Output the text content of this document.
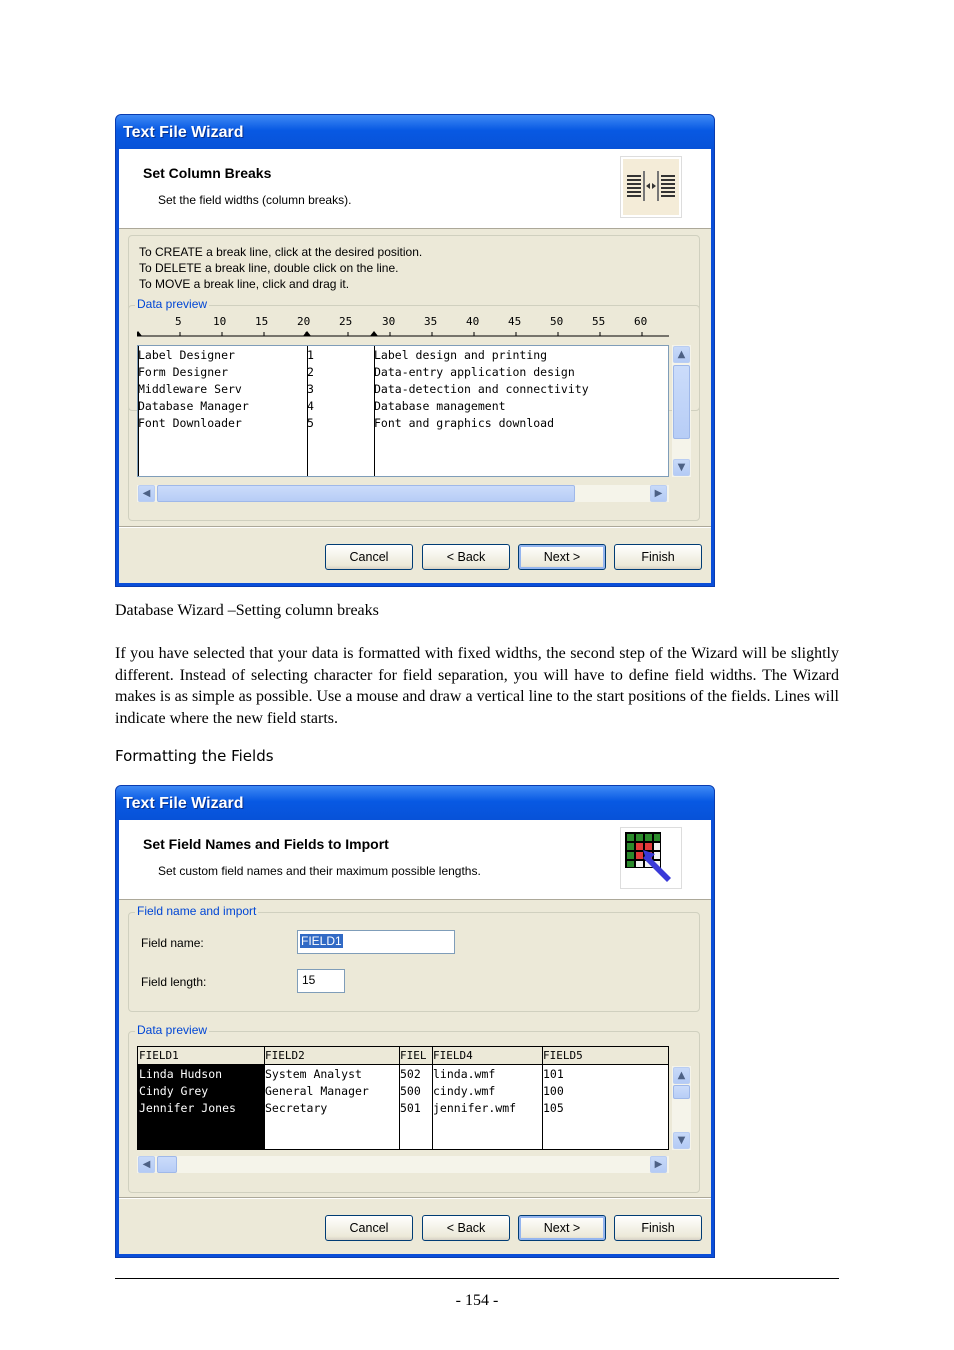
Text File Wizard
Set Column Breaks
Set the field widths (column breaks).
To CREATE a break line, click at the desired position.
To DELETE a break line, double click on the line.
To MOVE a break line, click and drag it.
Data preview
5	10	15	20	25	30	35	40	45	50	55	60
Label Designer	1	Label design and printing
Form Designer	2	Data-entry application design
Middleware Serv	3	Data-detection and connectivity
Database Manager	4	Database management
Font Downloader	5	Font and graphics download
▲
▼
◀	▶
Cancel	< Back	Next >	Finish
Database Wizard –Setting column breaks

If you have selected that your data is formatted with fixed widths, the second step of the Wizard will be slightly different. Instead of selecting character for field separation, you will have to define field widths. The Wizard makes is as simple as possible. Use a mouse and draw a vertical line to the start positions of the fields. Lines will indicate where the new field starts.

Formatting the Fields
Text File Wizard
Set Field Names and Fields to Import
Set custom field names and their maximum possible lengths.
Field name and import
Field name:	FIELD1
Field length:	15
Data preview
FIELD1	FIELD2	FIEL FIELD4	FIELD5
Linda Hudson	System Analyst	502 linda.wmf	101
Cindy Grey	General Manager	500 cindy.wmf	100
Jennifer Jones	Secretary	501 jennifer.wmf 105
▲
▼
◀	▶
Cancel	< Back	Next >	Finish
- 154 -
